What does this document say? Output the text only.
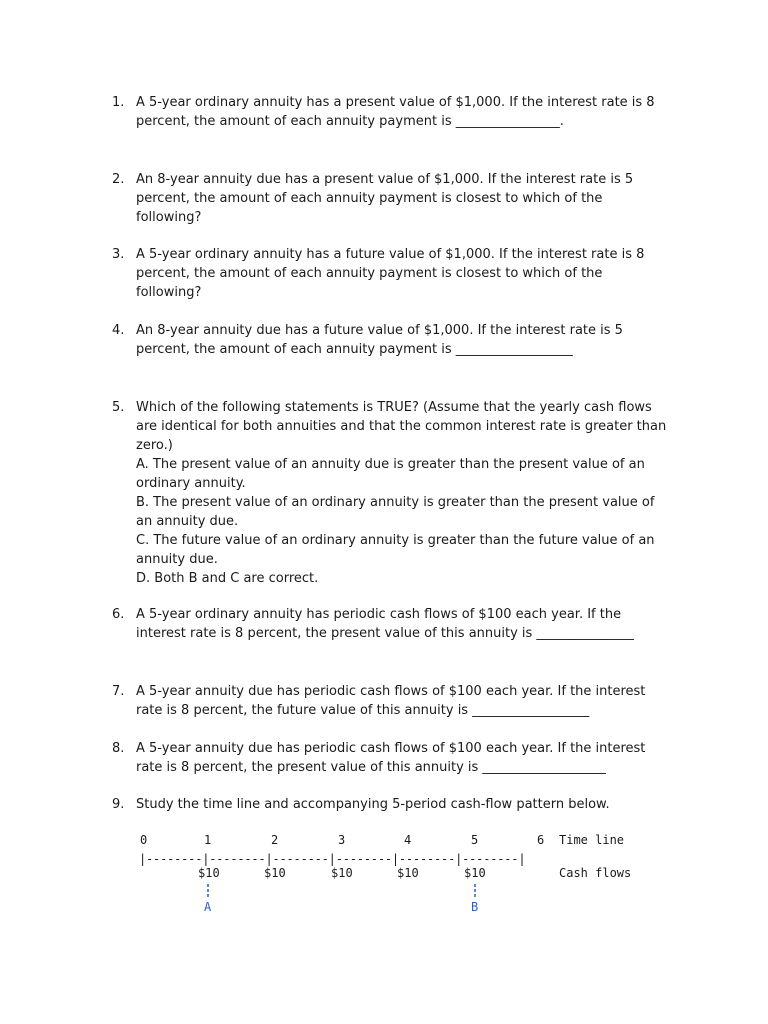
1. A 5-year ordinary annuity has a present value of $1,000. If the interest rate is 8
percent, the amount of each annuity payment is ________________.
2. An 8-year annuity due has a present value of $1,000. If the interest rate is 5
percent, the amount of each annuity payment is closest to which of the
following?
3. A 5-year ordinary annuity has a future value of $1,000. If the interest rate is 8
percent, the amount of each annuity payment is closest to which of the
following?
4. An 8-year annuity due has a future value of $1,000. If the interest rate is 5
percent, the amount of each annuity payment is __________________
5. Which of the following statements is TRUE? (Assume that the yearly cash flows
are identical for both annuities and that the common interest rate is greater than
zero.)
A. The present value of an annuity due is greater than the present value of an
ordinary annuity.
B. The present value of an ordinary annuity is greater than the present value of
an annuity due.
C. The future value of an ordinary annuity is greater than the future value of an
annuity due.
D. Both B and C are correct.
6. A 5-year ordinary annuity has periodic cash flows of $100 each year. If the
interest rate is 8 percent, the present value of this annuity is _______________
7. A 5-year annuity due has periodic cash flows of $100 each year. If the interest
rate is 8 percent, the future value of this annuity is __________________
8. A 5-year annuity due has periodic cash flows of $100 each year. If the interest
rate is 8 percent, the present value of this annuity is ___________________
9. Study the time line and accompanying 5-period cash-flow pattern below.
0	1	2	3	4	5	6 Time line
|--------|--------|--------|--------|--------|--------|
$10	$10	$10	$10	$10	Cash flows
A	B
